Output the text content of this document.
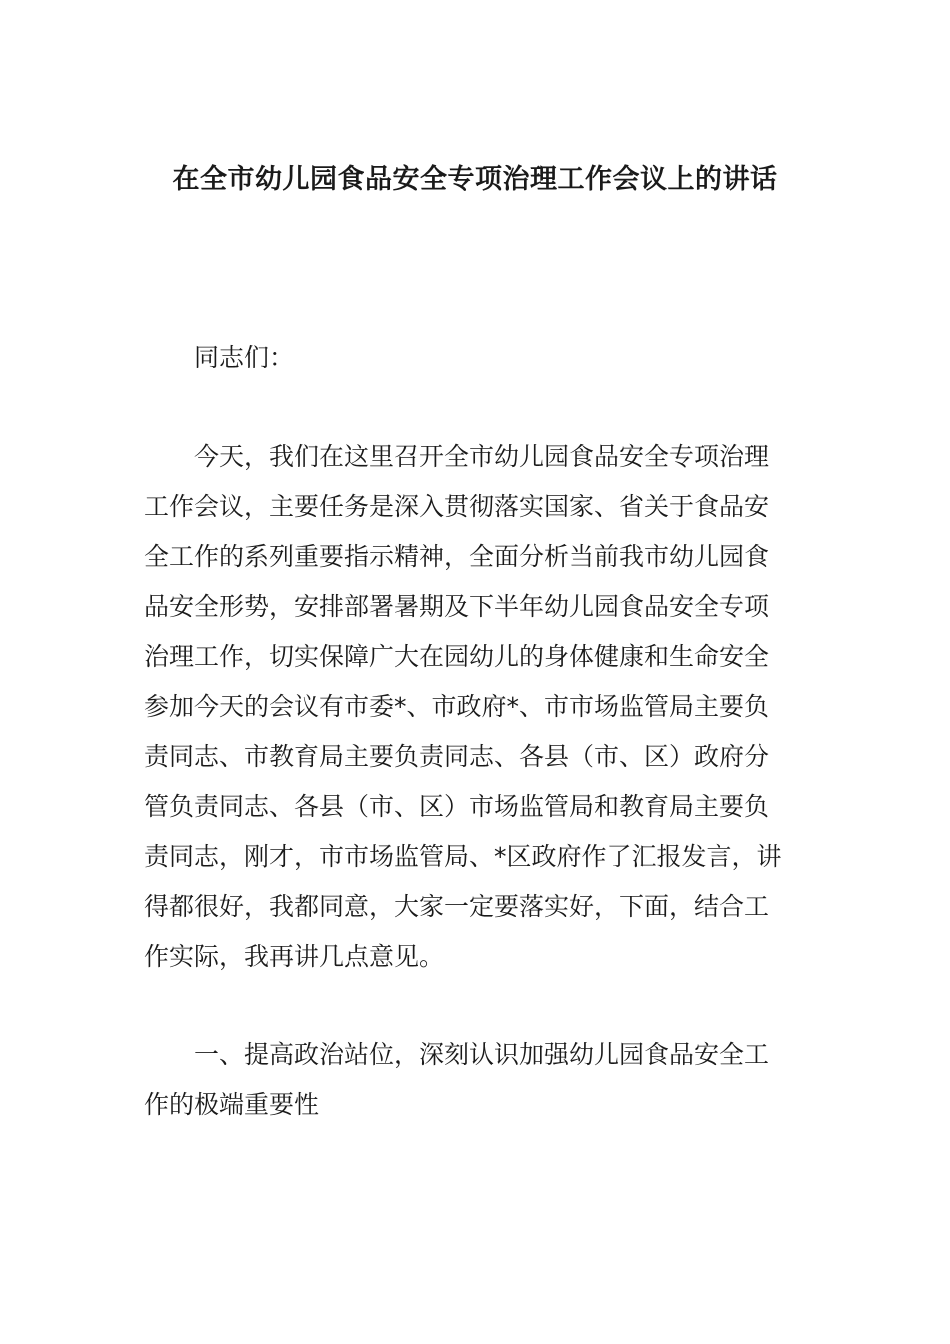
在全市幼儿园食品安全专项治理工作会议上的讲话
同志们：
今天，我们在这里召开全市幼儿园食品安全专项治理
工作会议，主要任务是深入贯彻落实国家、省关于食品安
全工作的系列重要指示精神，全面分析当前我市幼儿园食
品安全形势，安排部署暑期及下半年幼儿园食品安全专项
治理工作，切实保障广大在园幼儿的身体健康和生命安全
参加今天的会议有市委*、市政府*、市市场监管局主要负
责同志、市教育局主要负责同志、各县（市、区）政府分
管负责同志、各县（市、区）市场监管局和教育局主要负
责同志，刚才，市市场监管局、*区政府作了汇报发言，讲
得都很好，我都同意，大家一定要落实好，下面，结合工
作实际，我再讲几点意见。
一、提高政治站位，深刻认识加强幼儿园食品安全工
作的极端重要性
